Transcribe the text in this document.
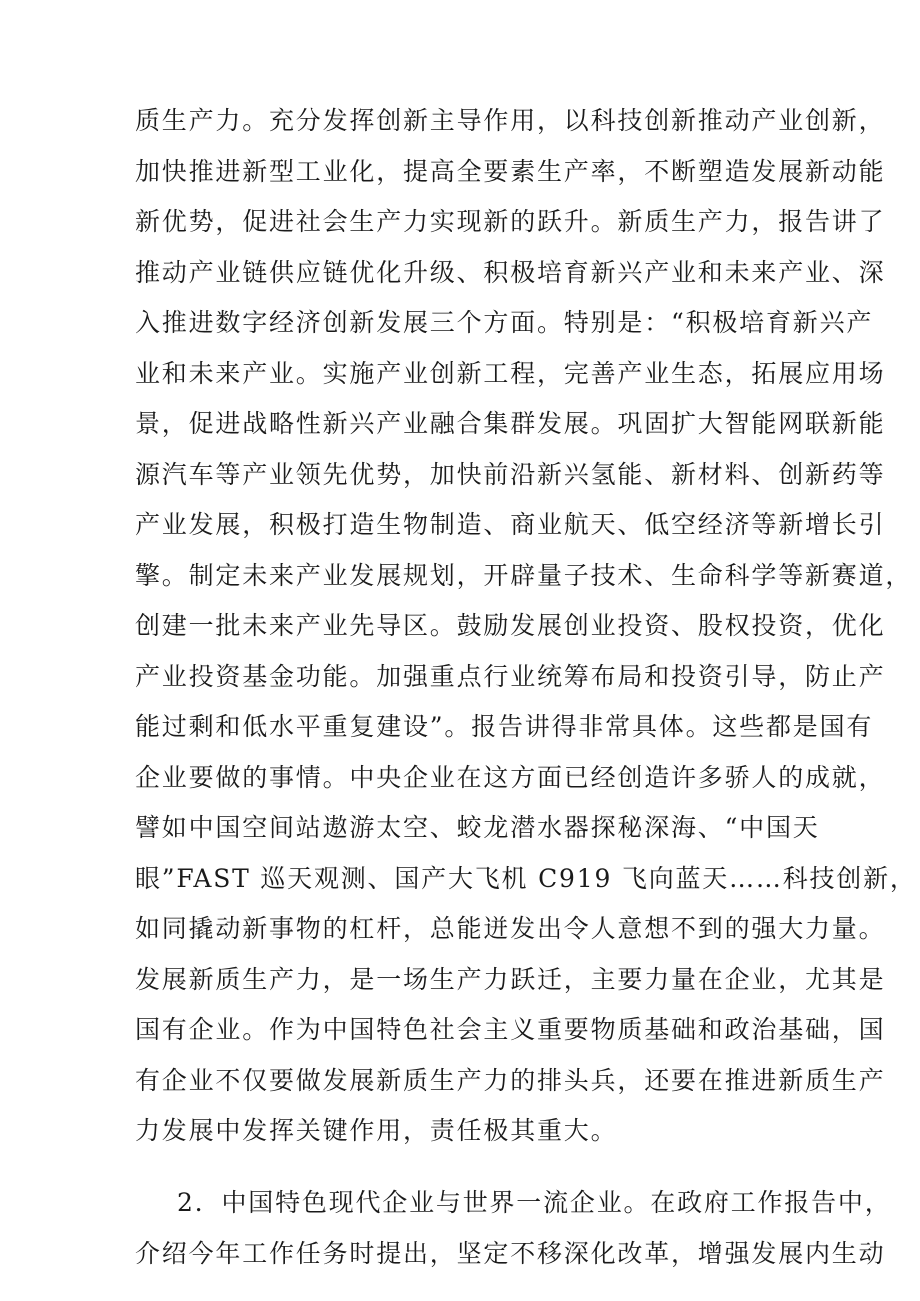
质生产力。充分发挥创新主导作用，以科技创新推动产业创新，
加快推进新型工业化，提高全要素生产率，不断塑造发展新动能
新优势，促进社会生产力实现新的跃升。新质生产力，报告讲了
推动产业链供应链优化升级、积极培育新兴产业和未来产业、深
入推进数字经济创新发展三个方面。特别是：“积极培育新兴产
业和未来产业。实施产业创新工程，完善产业生态，拓展应用场
景，促进战略性新兴产业融合集群发展。巩固扩大智能网联新能
源汽车等产业领先优势，加快前沿新兴氢能、新材料、创新药等
产业发展，积极打造生物制造、商业航天、低空经济等新增长引
擎。制定未来产业发展规划，开辟量子技术、生命科学等新赛道，
创建一批未来产业先导区。鼓励发展创业投资、股权投资，优化
产业投资基金功能。加强重点行业统筹布局和投资引导，防止产
能过剩和低水平重复建设”。报告讲得非常具体。这些都是国有
企业要做的事情。中央企业在这方面已经创造许多骄人的成就，
譬如中国空间站遨游太空、蛟龙潜水器探秘深海、“中国天
眼”FAST 巡天观测、国产大飞机 C919 飞向蓝天……科技创新，
如同撬动新事物的杠杆，总能迸发出令人意想不到的强大力量。
发展新质生产力，是一场生产力跃迁，主要力量在企业，尤其是
国有企业。作为中国特色社会主义重要物质基础和政治基础，国
有企业不仅要做发展新质生产力的排头兵，还要在推进新质生产
力发展中发挥关键作用，责任极其重大。
2．中国特色现代企业与世界一流企业。在政府工作报告中，
介绍今年工作任务时提出，坚定不移深化改革，增强发展内生动
